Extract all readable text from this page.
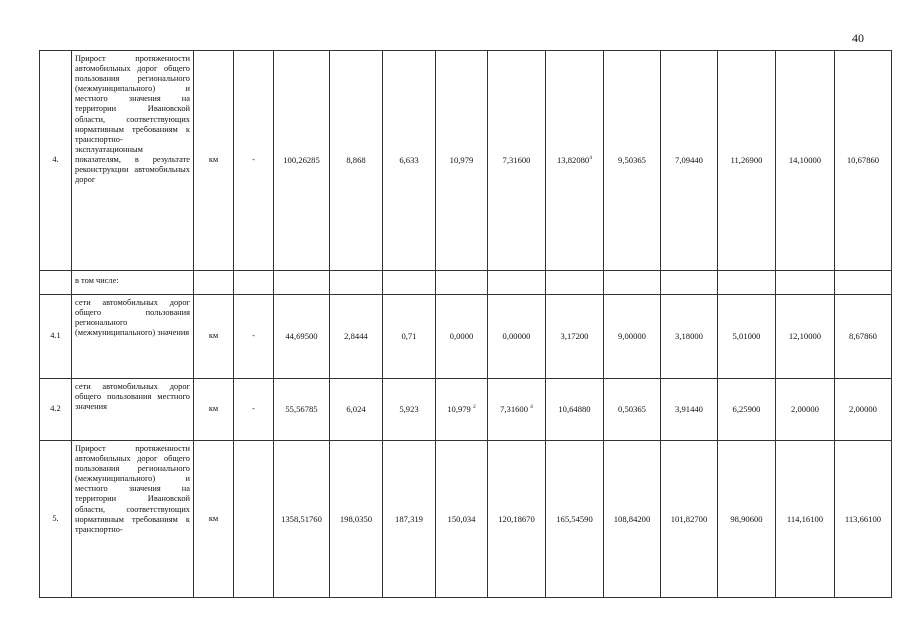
40
4.	Прирост протяженности автомобильных дорог общего пользования регионального (межмуниципального) и местного значения на территории Ивановской области, соответствующих нормативным требованиям к транспортно-эксплуатационным показателям, в результате реконструкции автомобильных дорог	км	-	100,26285	8,868	6,633	10,979	7,31600	13,82080$^4$	9,50365	7,09440	11,26900	14,10000	10,67860
	в том числе:													
4.1	сети автомобильных дорог общего пользования регионального (межмуниципального) значения	км	-	44,69500	2,8444	0,71	0,0000	0,00000	3,17200	9,00000	3,18000	5,01000	12,10000	8,67860
4.2	сети автомобильных дорог общего пользования местного значения	км	-	55,56785	6,024	5,923	10,979 $^2$	7,31600 $^4$	10,64880	0,50365	3,91440	6,25900	2,00000	2,00000
5.	Прирост протяженности автомобильных дорог общего пользования регионального (межмуниципального) и местного значения на территории Ивановской области, соответствующих нормативным требованиям к транспортно-	км		1358,51760	198,0350	187,319	150,034	120,18670	165,54590	108,84200	101,82700	98,90600	114,16100	113,66100
